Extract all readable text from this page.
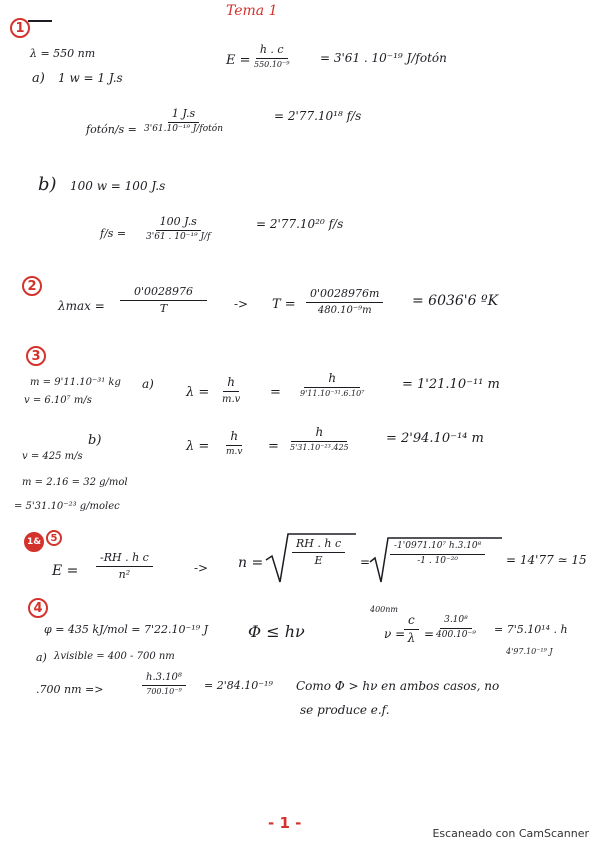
Tema 1
1
λ = 550 nm
a) 1 w = 1 J.s
E =
h . c
550.10⁻⁹	= 3'61 . 10⁻¹⁹ J/fotón
fotón/s =
1 J.s
3'61.10⁻¹⁹ J/fotón
= 2'77.10¹⁸ f/s
b) 100 w = 100 J.s
f/s =
100 J.s
3'61 . 10⁻¹⁹ J/f
= 2'77.10²⁰ f/s
2
$\lambda\max = \frac{0'0028976}{T} -> T = \frac{0'0028976m}{\text{480.10⁻⁹m}} = 6036'6$ ºK
3
m = 9'11.10⁻³¹ kg
v = 6.10⁷ m/s
a)
λ =
h
m.v =
h
9'11.10⁻³¹.6.10⁷
= 1'21.10⁻¹¹ m
b)
v = 425 m/s
λ =
h
m.v =
h
5'31.10⁻²³.425
= 2'94.10⁻¹⁴ m
m = 2.16 = 32 g/mol
= 5'31.10⁻²³ g/molec
1& 5
$E = \frac{\text{-RH . h c}}{\text{n²}}$	-> n =	$\frac{\text{RH . h c}}{E} = \frac{\text{-1'0971.10⁷ h.3.10⁸}}{\text{-1 . 10⁻²⁰}} = 14'77$ ≃ 15
4
φ = 435 kJ/mol = 7'22.10⁻¹⁹ J Φ ≤ hν
400nm
ν =
$\frac{c}{\lambda} = \frac{\text{3.10⁸}}{\text{400.10⁻⁹}} = 7'5.10^{14}$ . h
4'97.10⁻¹⁹ J
a) λvisible = 400 - 700 nm
.700 nm =>
h.3.10⁸
700.10⁻⁹ = 2'84.10⁻¹⁹ Como Φ > hν en ambos casos, no
se produce e.f.
- 1 -
Escaneado con CamScanner
